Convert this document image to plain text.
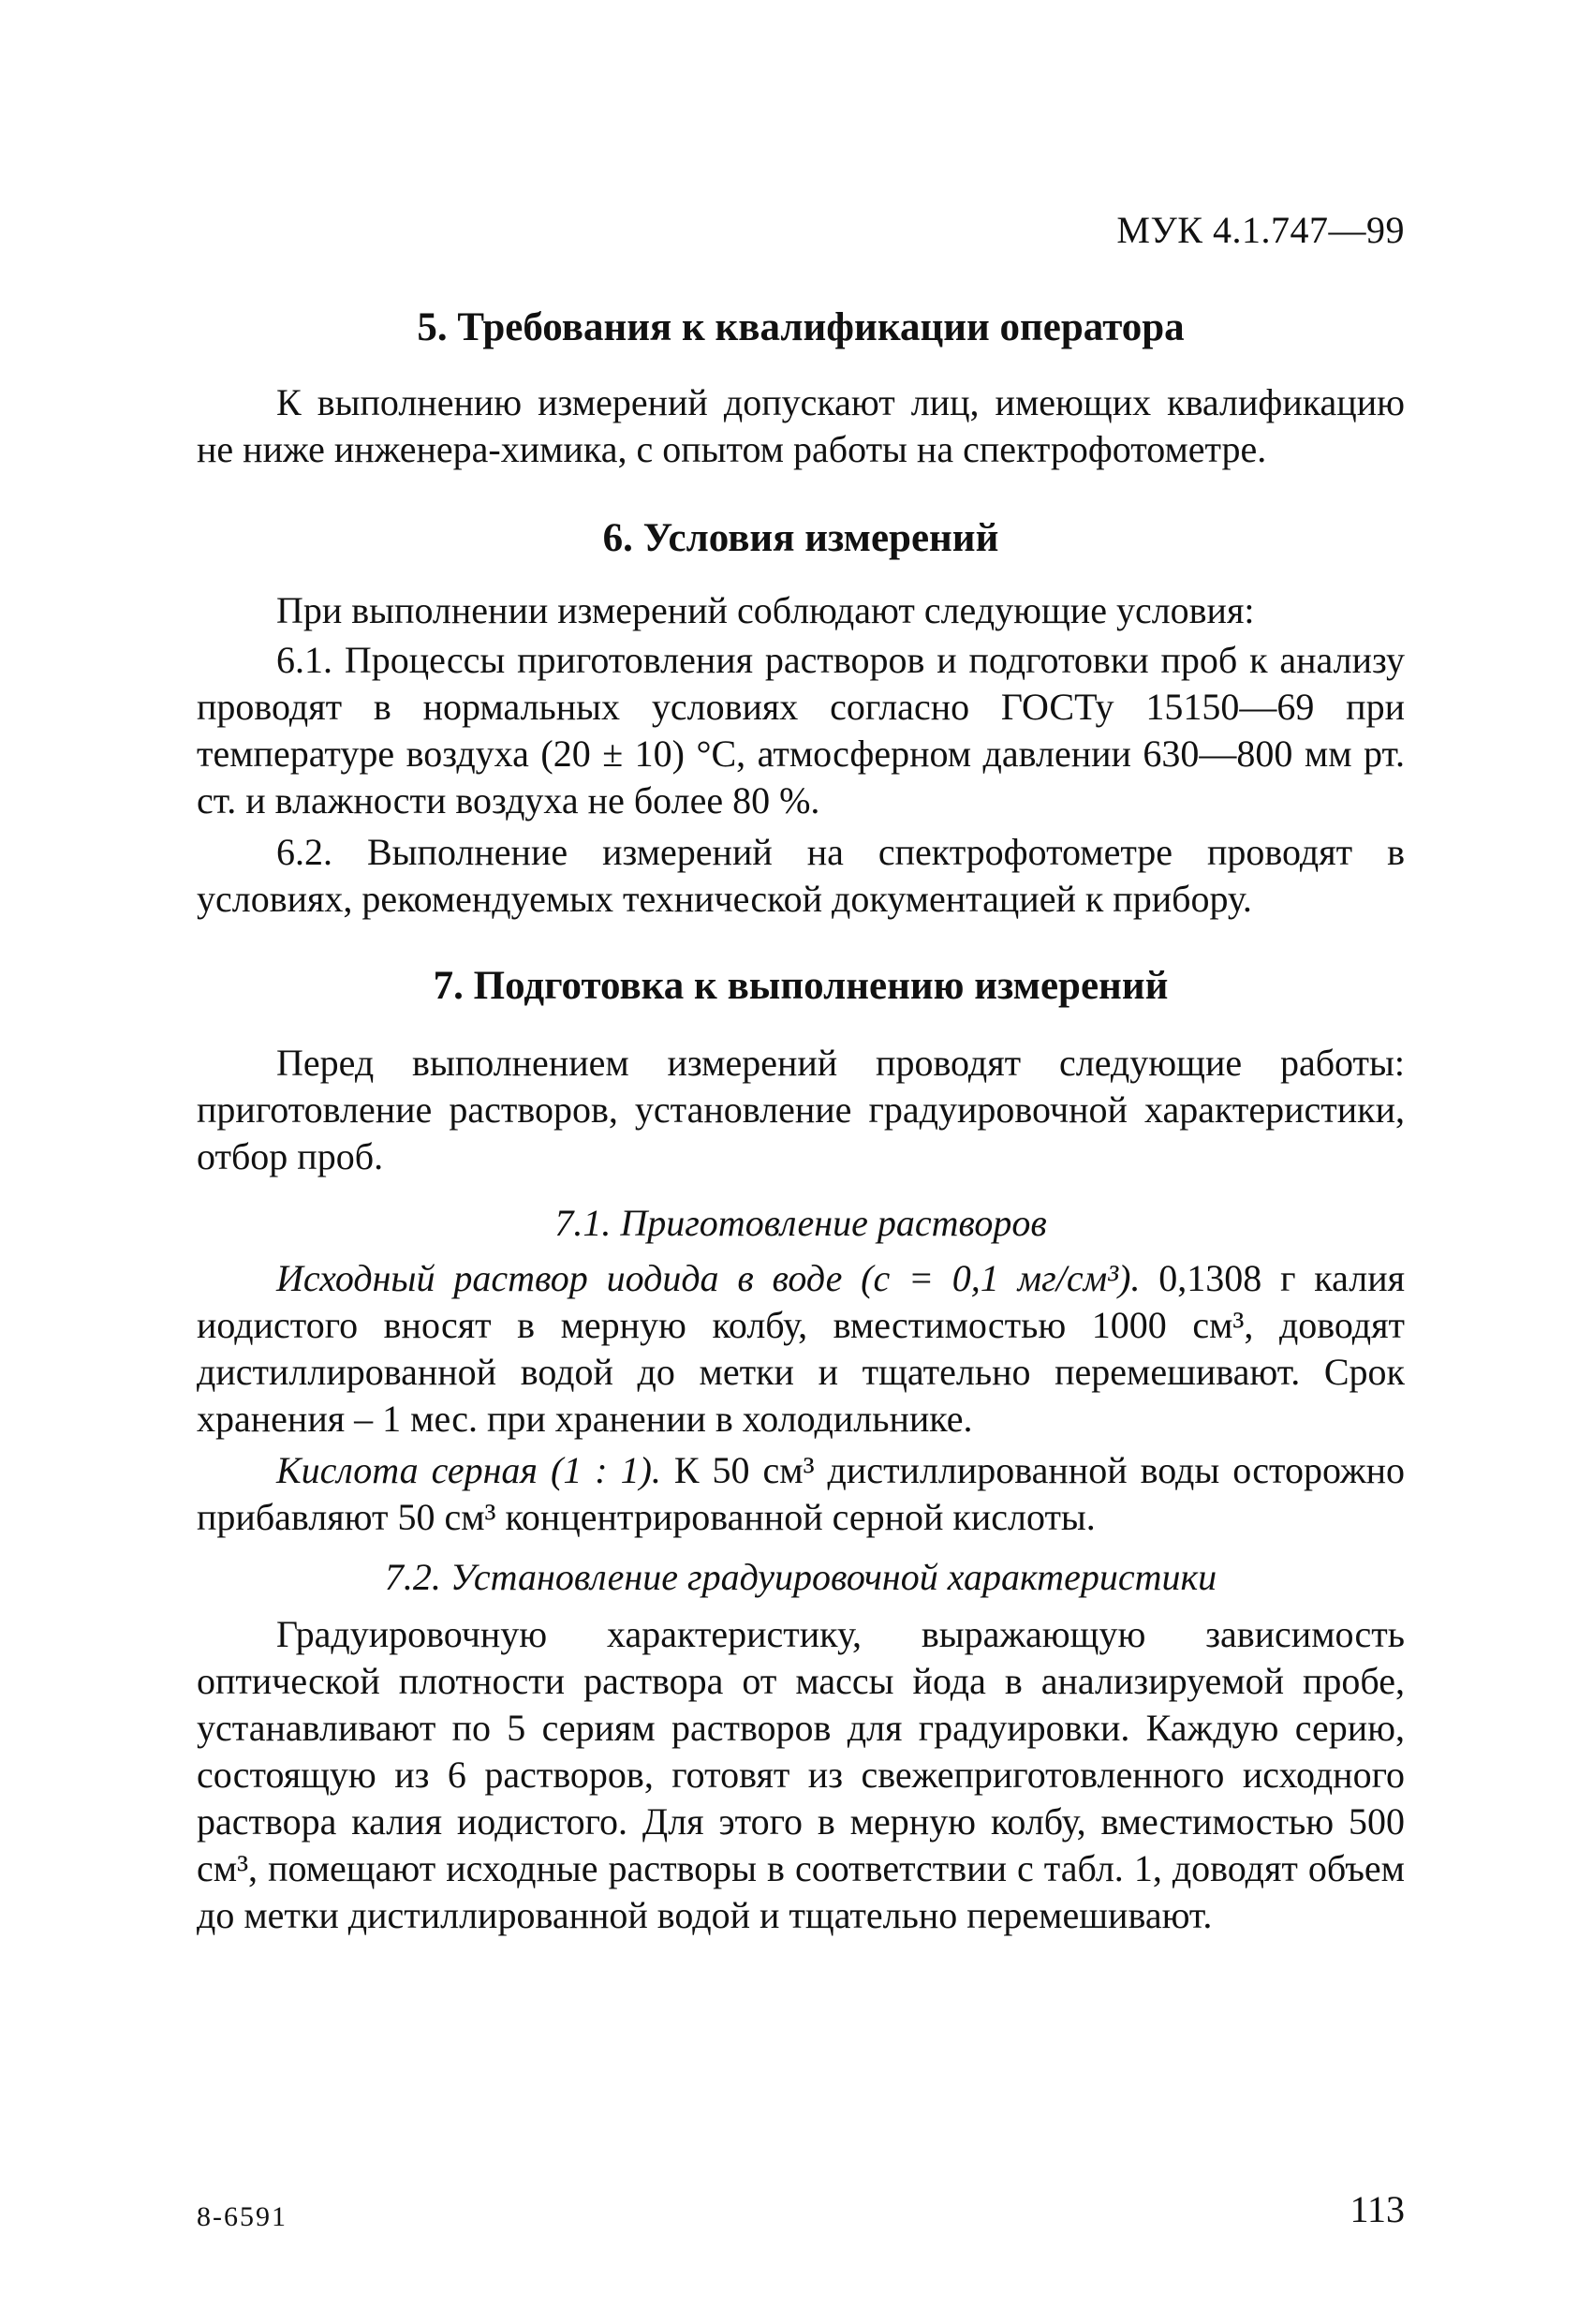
МУК 4.1.747—99
5. Требования к квалификации оператора

К выполнению измерений допускают лиц, имеющих квалификацию не ниже инженера-химика, с опытом работы на спектрофотометре.

6. Условия измерений

При выполнении измерений соблюдают следующие условия:

6.1. Процессы приготовления растворов и подготовки проб к анализу проводят в нормальных условиях согласно ГОСТу 15150—69 при температуре воздуха (20 ± 10) °С, атмосферном давлении 630—800 мм рт. ст. и влажности воздуха не более 80 %.

6.2. Выполнение измерений на спектрофотометре проводят в условиях, рекомендуемых технической документацией к прибору.

7. Подготовка к выполнению измерений

Перед выполнением измерений проводят следующие работы: приготовление растворов, установление градуировочной характеристики, отбор проб.

7.1. Приготовление растворов

Исходный раствор иодида в воде (с = 0,1 мг/см³). 0,1308 г калия иодистого вносят в мерную колбу, вместимостью 1000 см³, доводят дистиллированной водой до метки и тщательно перемешивают. Срок хранения – 1 мес. при хранении в холодильнике.

Кислота серная (1 : 1). К 50 см³ дистиллированной воды осторожно прибавляют 50 см³ концентрированной серной кислоты.

7.2. Установление градуировочной характеристики

Градуировочную характеристику, выражающую зависимость оптической плотности раствора от массы йода в анализируемой пробе, устанавливают по 5 сериям растворов для градуировки. Каждую серию, состоящую из 6 растворов, готовят из свежеприготовленного исходного раствора калия иодистого. Для этого в мерную колбу, вместимостью 500 см³, помещают исходные растворы в соответствии с табл. 1, доводят объем до метки дистиллированной водой и тщательно перемешивают.

8-6591	113
